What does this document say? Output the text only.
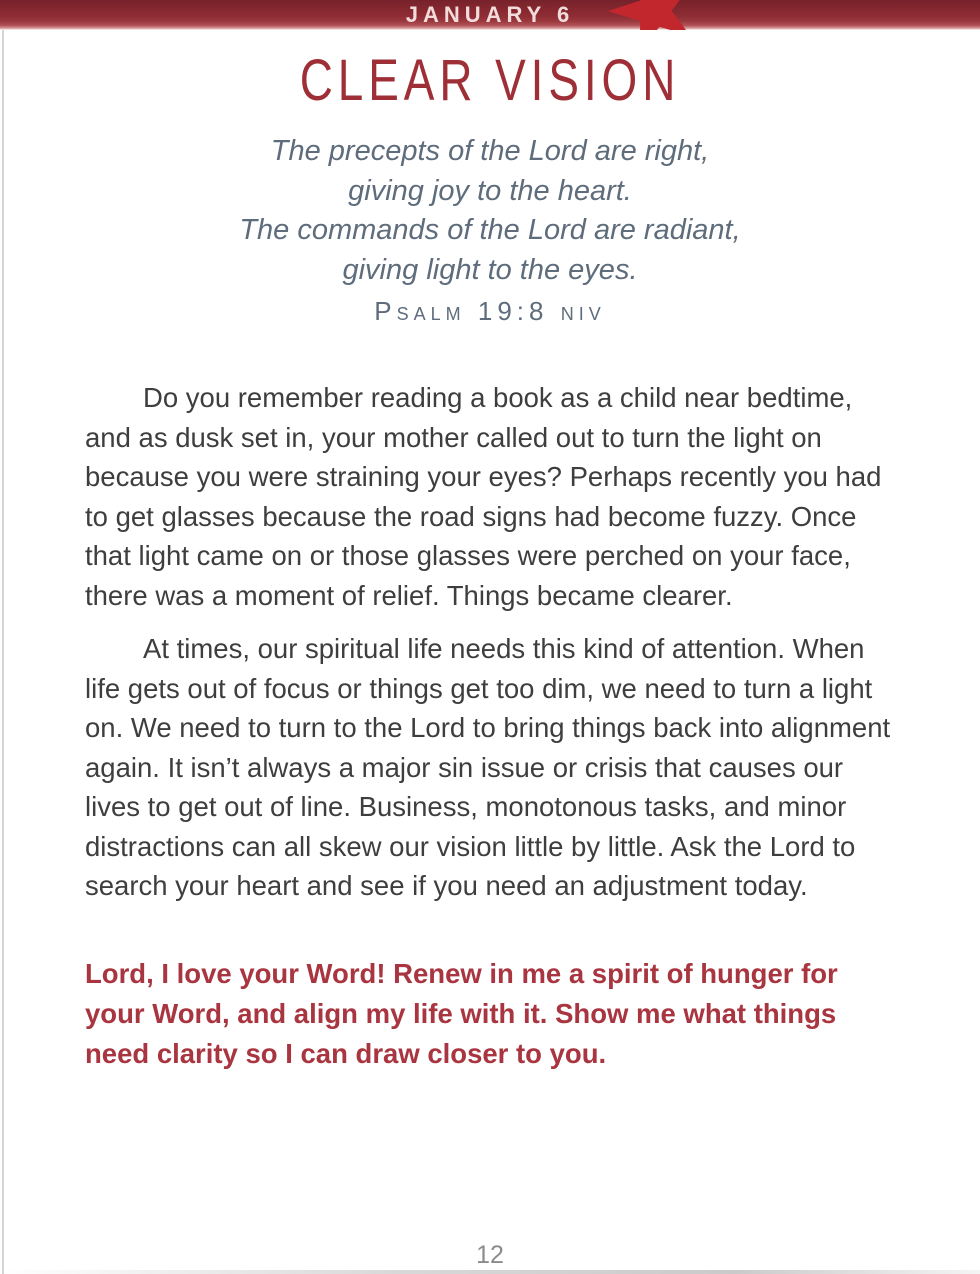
JANUARY 6
CLEAR VISION
The precepts of the Lord are right,
giving joy to the heart.
The commands of the Lord are radiant,
giving light to the eyes.
Psalm 19:8 niv

Do you remember reading a book as a child near bedtime, and as dusk set in, your mother called out to turn the light on because you were straining your eyes? Perhaps recently you had to get glasses because the road signs had become fuzzy. Once that light came on or those glasses were perched on your face, there was a moment of relief. Things became clearer.

At times, our spiritual life needs this kind of attention. When life gets out of focus or things get too dim, we need to turn a light on. We need to turn to the Lord to bring things back into alignment again. It isn’t always a major sin issue or crisis that causes our lives to get out of line. Business, monotonous tasks, and minor distractions can all skew our vision little by little. Ask the Lord to search your heart and see if you need an adjustment today.

Lord, I love your Word! Renew in me a spirit of hunger for your Word, and align my life with it. Show me what things need clarity so I can draw closer to you.

12
